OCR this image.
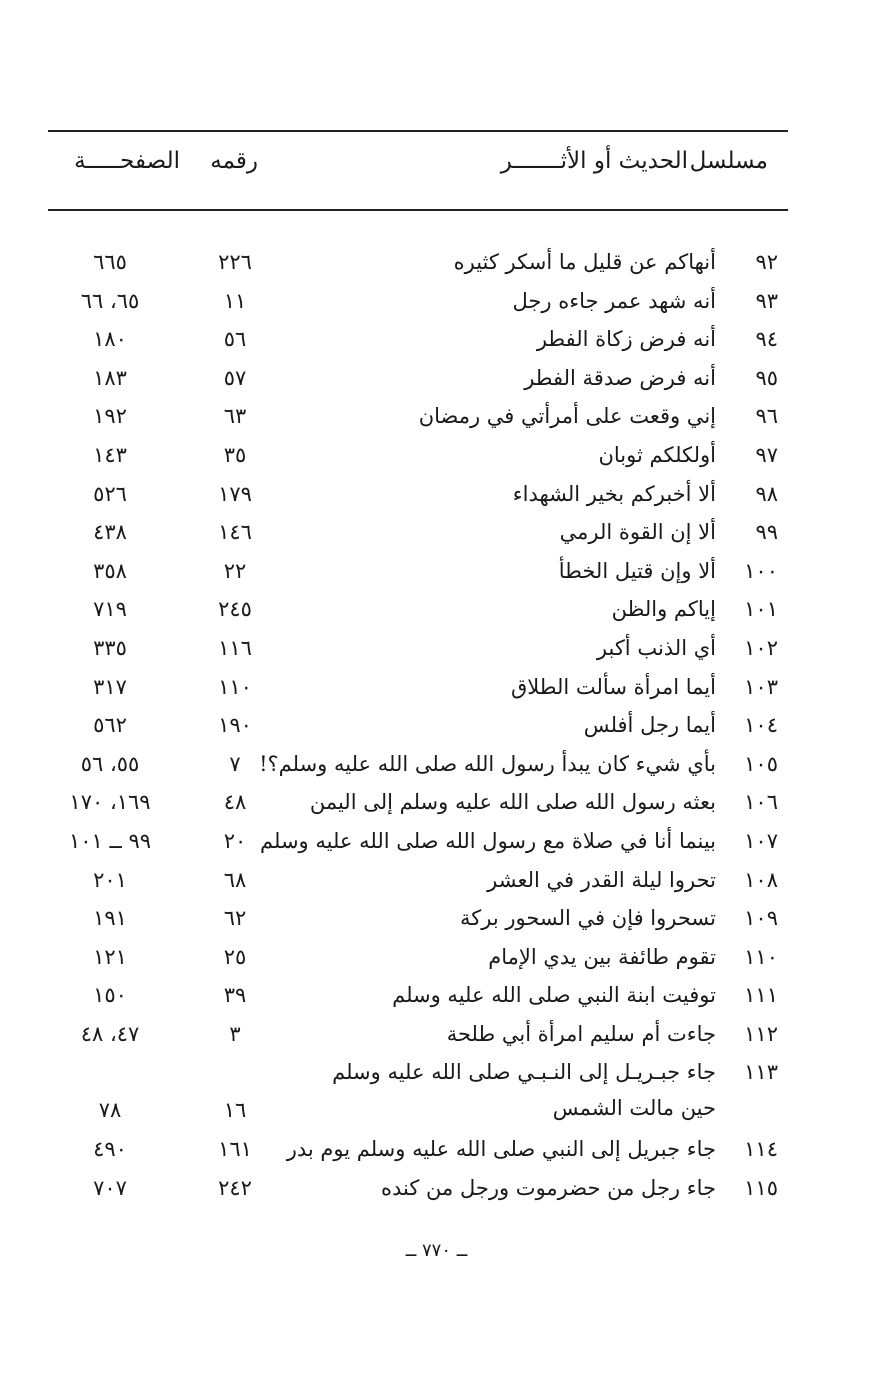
مسلسل
الحديث أو الأثـــــــر
رقمه
الصفحـــــة
٩٢
أنهاكم عن قليل ما أسكر كثيره
٢٢٦
٦٦٥
٩٣
أنه شهد عمر جاءه رجل
١١
٦٥، ٦٦
٩٤
أنه فرض زكاة الفطر
٥٦
١٨٠
٩٥
أنه فرض صدقة الفطر
٥٧
١٨٣
٩٦
إني وقعت على أمرأتي في رمضان
٦٣
١٩٢
٩٧
أولكلكم ثوبان
٣٥
١٤٣
٩٨
ألا أخبركم بخير الشهداء
١٧٩
٥٢٦
٩٩
ألا إن القوة الرمي
١٤٦
٤٣٨
١٠٠
ألا وإن قتيل الخطأ
٢٢
٣٥٨
١٠١
إياكم والظن
٢٤٥
٧١٩
١٠٢
أي الذنب أكبر
١١٦
٣٣٥
١٠٣
أيما امرأة سألت الطلاق
١١٠
٣١٧
١٠٤
أيما رجل أفلس
١٩٠
٥٦٢
١٠٥
بأي شيء كان يبدأ رسول الله صلى الله عليه وسلم؟!
٧
٥٥، ٥٦
١٠٦
بعثه رسول الله صلى الله عليه وسلم إلى اليمن
٤٨
١٦٩، ١٧٠
١٠٧
بينما أنا في صلاة مع رسول الله صلى الله عليه وسلم
٢٠
٩٩ ــ ١٠١
١٠٨
تحروا ليلة القدر في العشر
٦٨
٢٠١
١٠٩
تسحروا فإن في السحور بركة
٦٢
١٩١
١١٠
تقوم طائفة بين يدي الإمام
٢٥
١٢١
١١١
توفيت ابنة النبي صلى الله عليه وسلم
٣٩
١٥٠
١١٢
جاءت أم سليم امرأة أبي طلحة
٣
٤٧، ٤٨
١١٣
جاء جبـريـل إلى النـبـي صلى الله عليه وسلم
حين مالت الشمس
١٦
٧٨
١١٤
جاء جبريل إلى النبي صلى الله عليه وسلم يوم بدر
١٦١
٤٩٠
١١٥
جاء رجل من حضرموت ورجل من كنده
٢٤٢
٧٠٧
ــ ٧٧٠ ــ
